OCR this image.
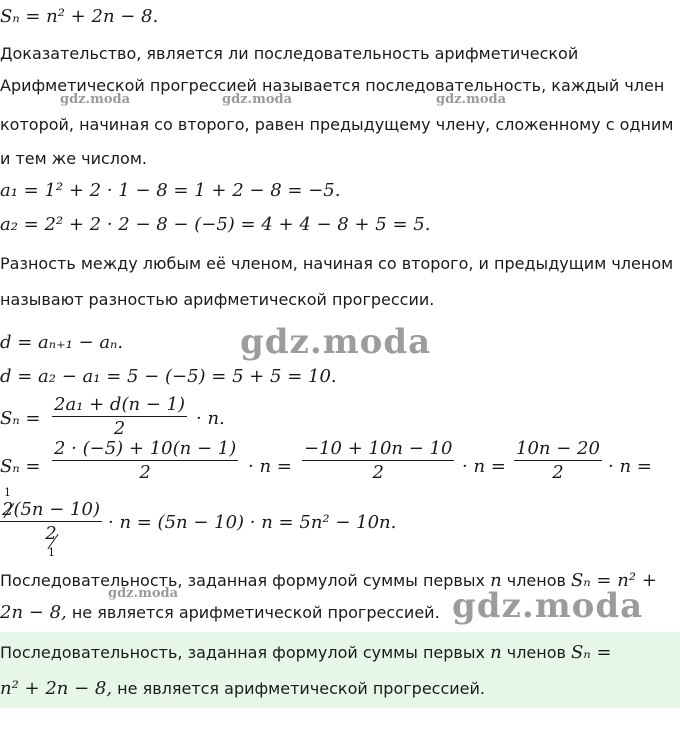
gdz.moda	gdz.moda	gdz.moda
gdz.moda
gdz.moda	gdz.moda
Sₙ = n² + 2n − 8.
Доказательство, является ли последовательность арифметической
Арифметической прогрессией называется последовательность, каждый член
которой, начиная со второго, равен предыдущему члену, сложенному с одним
и тем же числом.
a₁ = 1² + 2 · 1 − 8 = 1 + 2 − 8 = −5.
a₂ = 2² + 2 · 2 − 8 − (−5) = 4 + 4 − 8 + 5 = 5.
Разность между любым её членом, начиная со второго, и предыдущим членом
называют разностью арифметической прогрессии.
d = aₙ₊₁ − aₙ.
d = a₂ − a₁ = 5 − (−5) = 5 + 5 = 10.
Sₙ =
2a₁ + d(n − 1)
2	· n.
Sₙ =
2 · (−5) + 10(n − 1)
2	· n =
−10 + 10n − 10
2	· n =
10n − 20
2	· n =
1
2(5n − 10)
2
1
· n = (5n − 10) · n = 5n² − 10n.
Последовательность, заданная формулой суммы первых n членов Sₙ = n² +
2n − 8, не является арифметической прогрессией.
Последовательность, заданная формулой суммы первых n членов Sₙ =
n² + 2n − 8, не является арифметической прогрессией.
